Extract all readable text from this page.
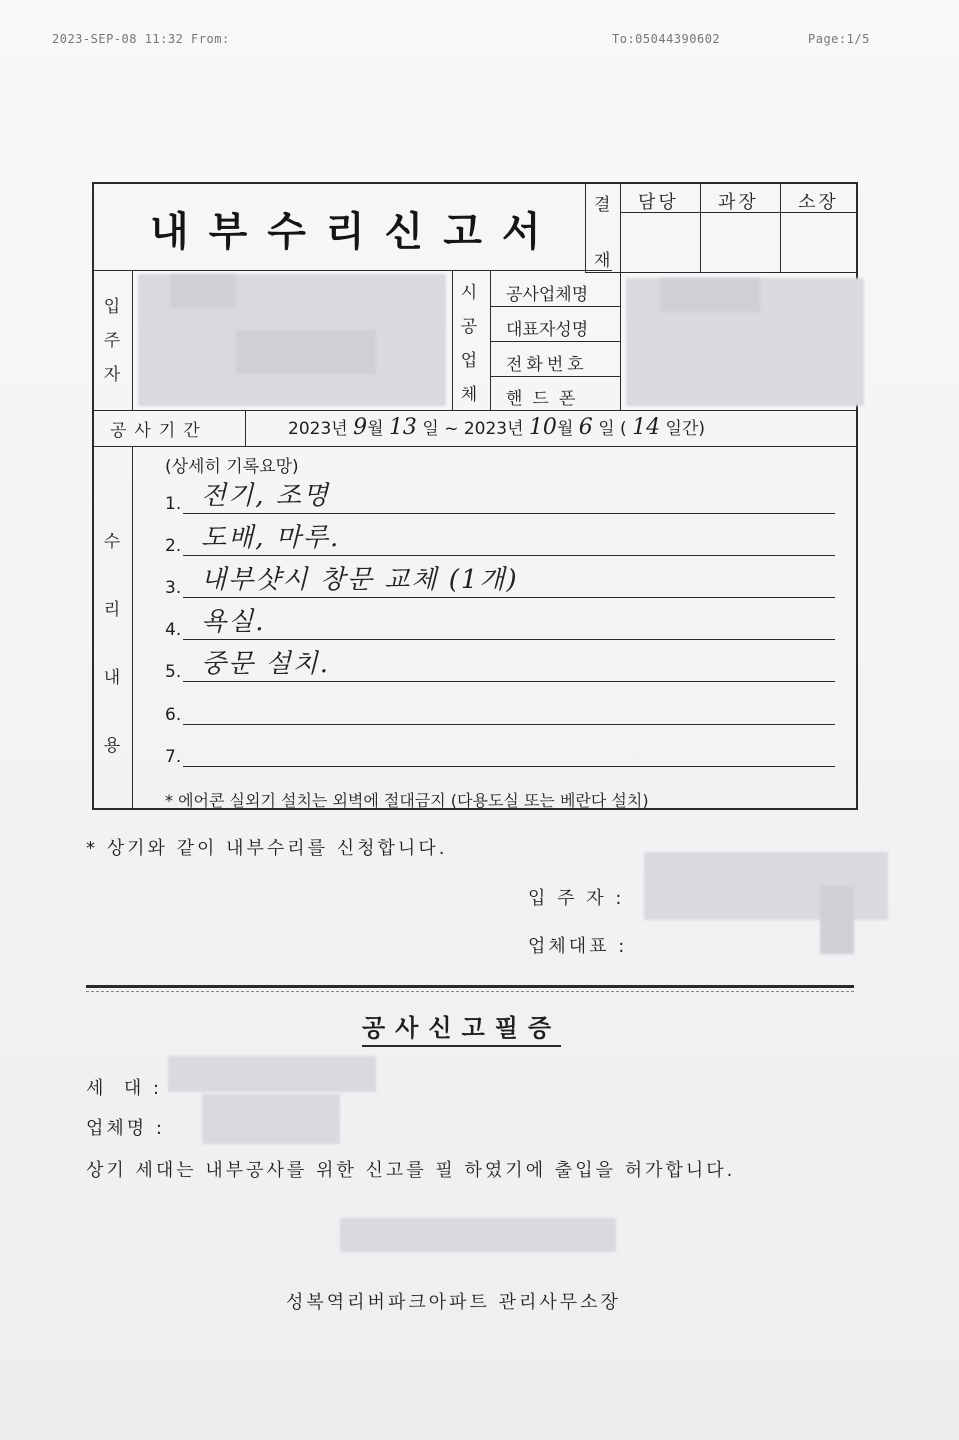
2023-SEP-08 11:32 From:	To:05044390602	Page:1/5
내부수리신고서
결
재
담당 과장 소장
입
주
자
시
공
업
체
공사업체명
대표자성명
전화번호
핸드폰
공사기간	2023년 9월 13 일 ~ 2023년 10월 6 일 ( 14 일간)
수
리
내
용
(상세히 기록요망)
1. 전기, 조명
2. 도배, 마루.
3. 내부샷시 창문 교체 (1개)
4. 욕실.
5. 중문 설치.
6.
7.
* 에어콘 실외기 설치는 외벽에 절대금지 (다용도실 또는 베란다 설치)
* 상기와 같이 내부수리를 신청합니다.
입 주 자 :
업체대표 :
공사신고필증
세  대 :
업체명 :
상기 세대는 내부공사를 위한 신고를 필 하였기에 출입을 허가합니다.
성복역리버파크아파트 관리사무소장
